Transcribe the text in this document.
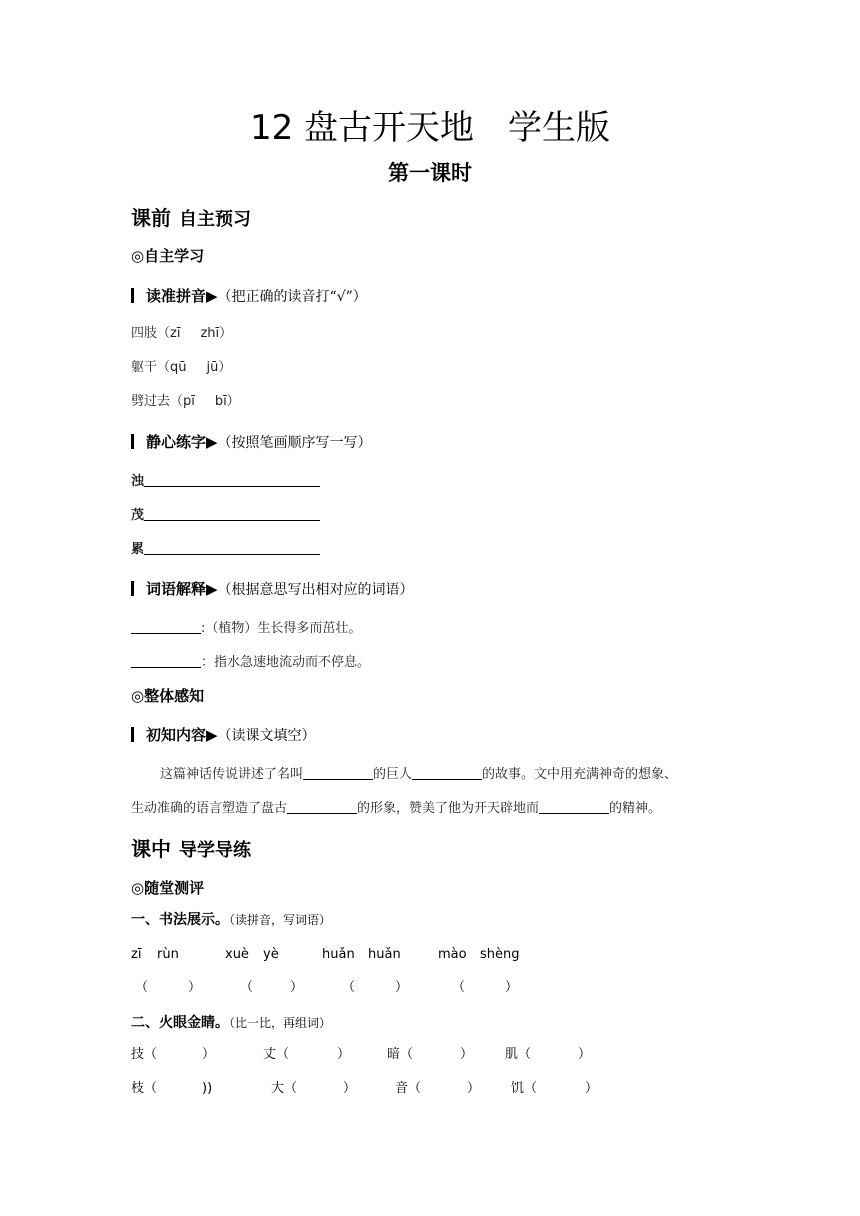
12 盘古开天地 学生版
第一课时
课前 自主预习
◎自主学习
读准拼音▶（把正确的读音打“√”）
四肢（zī zhī）
躯干（qū jū）
劈过去（pī bī）
静心练字▶（按照笔画顺序写一写）
浊
茂
累
词语解释▶（根据意思写出相对应的词语）
:（植物）生长得多而茁壮。
：指水急速地流动而不停息。
◎整体感知
初知内容▶（读课文填空）
这篇神话传说讲述了名叫	的巨人	的故事。文中用充满神奇的想象、
生动准确的语言塑造了盘古	的形象，赞美了他为开天辟地而	的精神。
课中 导学导练
◎随堂测评
一、书法展示。（读拼音，写词语）
zī rùn	xuè yè	huǎn huǎn	mào shèng
（	）	（	）	（	）	（	）
二、火眼金睛。（比一比，再组词）
技（	）	丈（	）	暗（	） 肌（	）
枝（	))	大（	）	音（	） 饥（	）
